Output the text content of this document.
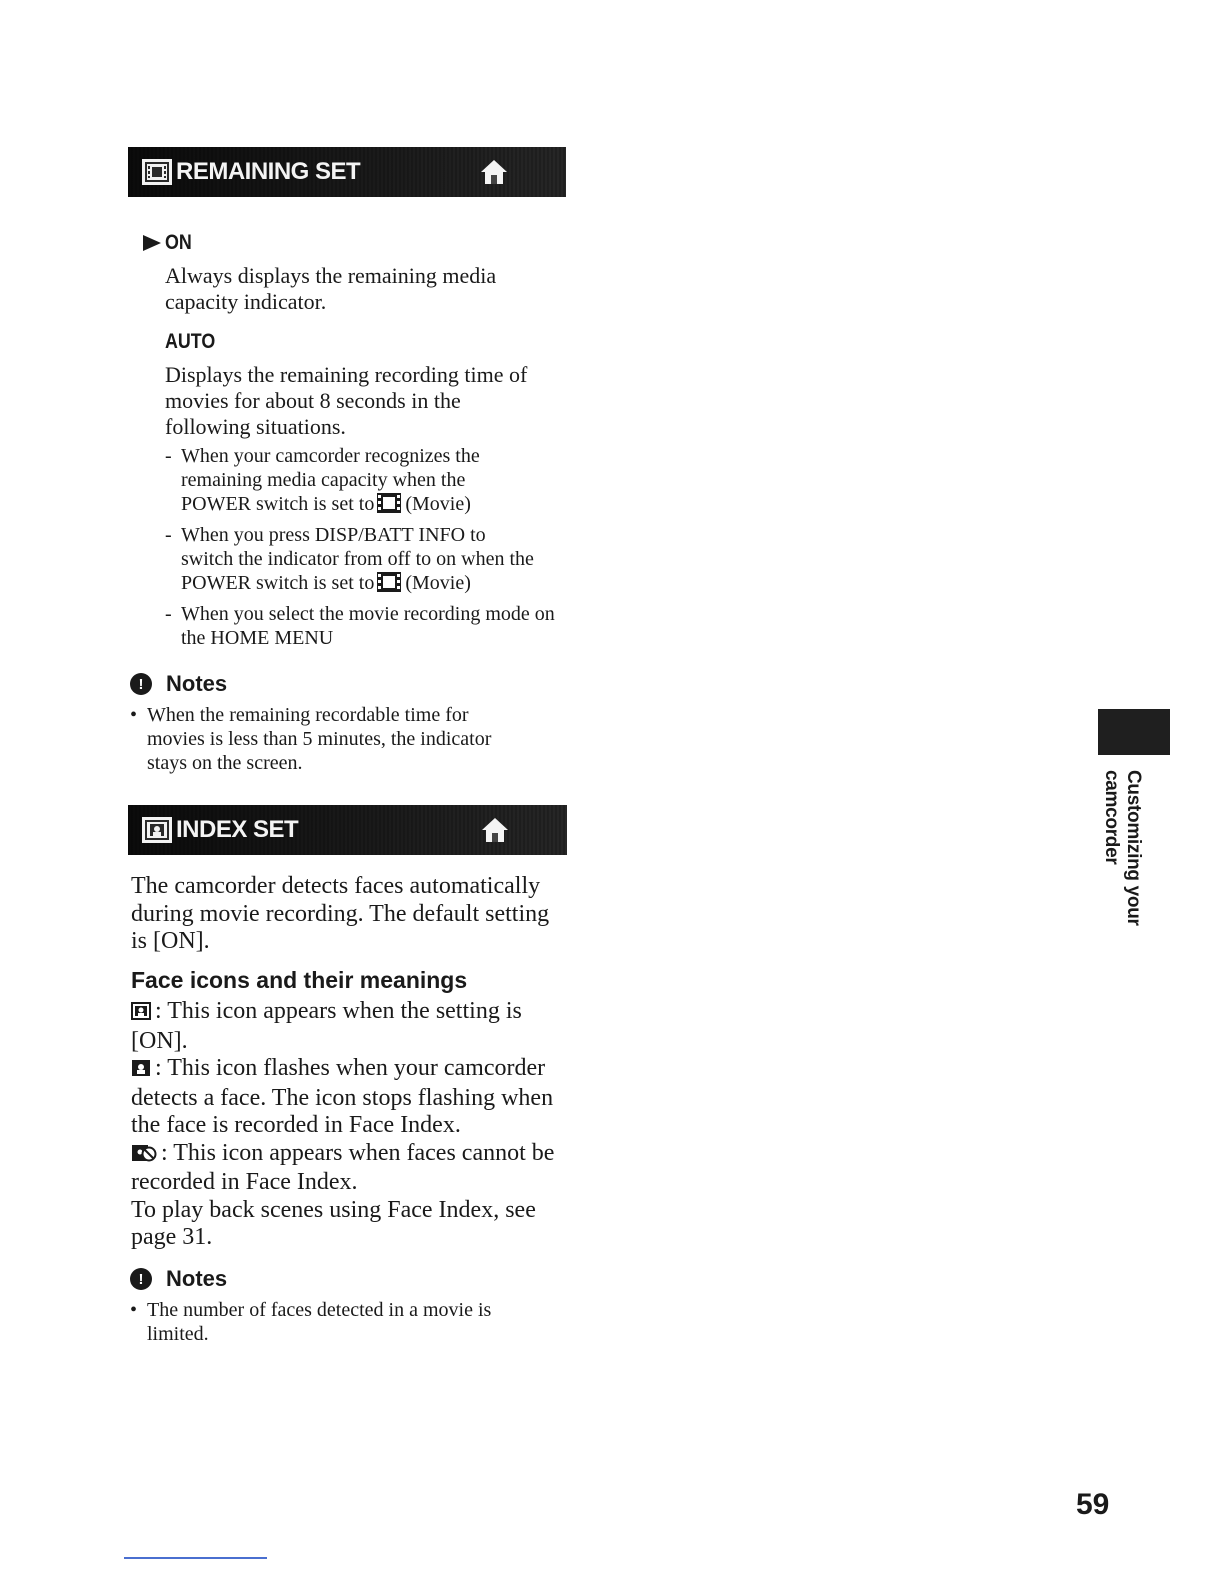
REMAINING SET
ON
Always displays the remaining media capacity indicator.
AUTO
Displays the remaining recording time of movies for about 8 seconds in the following situations.
- When your camcorder recognizes the remaining media capacity when the POWER switch is set to (Movie)
- When you press DISP/BATT INFO to switch the indicator from off to on when the POWER switch is set to (Movie)
- When you select the movie recording mode on the HOME MENU
!	Notes
• When the remaining recordable time for movies is less than 5 minutes, the indicator stays on the screen.
INDEX SET
The camcorder detects faces automatically during movie recording. The default setting is [ON].
Face icons and their meanings
: This icon appears when the setting is [ON].
: This icon flashes when your camcorder detects a face. The icon stops flashing when the face is recorded in Face Index.
: This icon appears when faces cannot be recorded in Face Index.
To play back scenes using Face Index, see page 31.
!	Notes
• The number of faces detected in a movie is limited.
Customizing your camcorder
59
